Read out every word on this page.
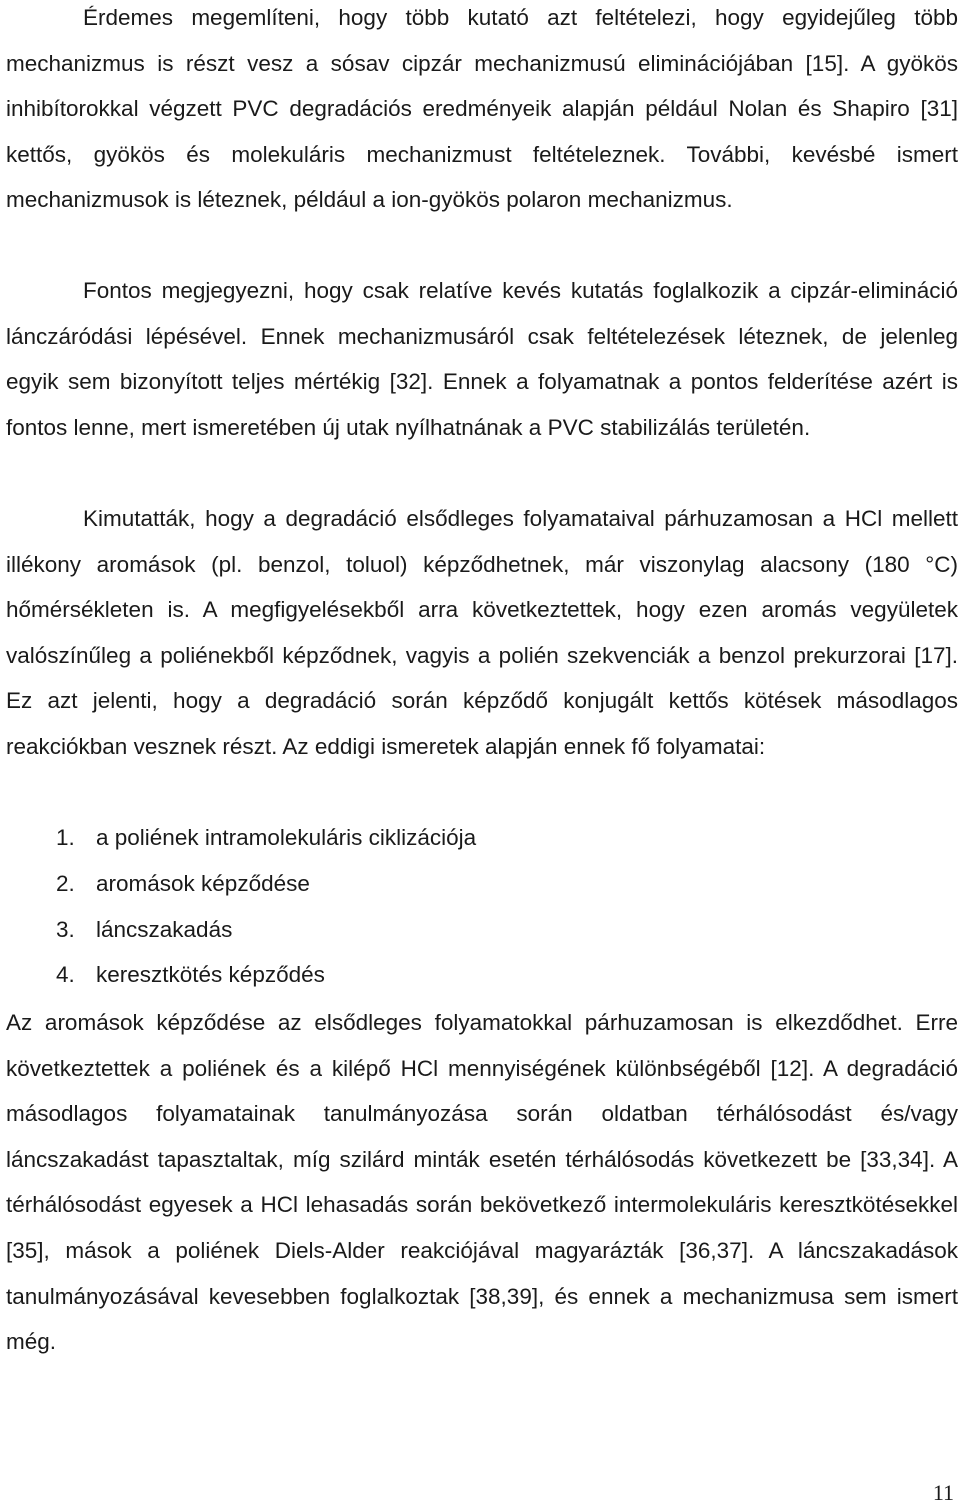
Érdemes megemlíteni, hogy több kutató azt feltételezi, hogy egyidejűleg több mechanizmus is részt vesz a sósav cipzár mechanizmusú eliminációjában [15]. A gyökös inhibítorokkal végzett PVC degradációs eredményeik alapján például Nolan és Shapiro [31] kettős, gyökös és molekuláris mechanizmust feltételeznek. További, kevésbé ismert mechanizmusok is léteznek, például a ion-gyökös polaron mechanizmus.

Fontos megjegyezni, hogy csak relatíve kevés kutatás foglalkozik a cipzár-elimináció lánczáródási lépésével. Ennek mechanizmusáról csak feltételezések léteznek, de jelenleg egyik sem bizonyított teljes mértékig [32]. Ennek a folyamatnak a pontos felderítése azért is fontos lenne, mert ismeretében új utak nyílhatnának a PVC stabilizálás területén.

Kimutatták, hogy a degradáció elsődleges folyamataival párhuzamosan a HCl mellett illékony aromások (pl. benzol, toluol) képződhetnek, már viszonylag alacsony (180 °C) hőmérsékleten is. A megfigyelésekből arra következtettek, hogy ezen aromás vegyületek valószínűleg a poliénekből képződnek, vagyis a polién szekvenciák a benzol prekurzorai [17]. Ez azt jelenti, hogy a degradáció során képződő konjugált kettős kötések másodlagos reakciókban vesznek részt. Az eddigi ismeretek alapján ennek fő folyamatai:

1. a poliének intramolekuláris ciklizációja
2. aromások képződése
3. láncszakadás
4. keresztkötés képződés

Az aromások képződése az elsődleges folyamatokkal párhuzamosan is elkezdődhet. Erre következtettek a poliének és a kilépő HCl mennyiségének különbségéből [12]. A degradáció másodlagos folyamatainak tanulmányozása során oldatban térhálósodást és/vagy láncszakadást tapasztaltak, míg szilárd minták esetén térhálósodás következett be [33,34]. A térhálósodást egyesek a HCl lehasadás során bekövetkező intermolekuláris keresztkötésekkel [35], mások a poliének Diels-Alder reakciójával magyarázták [36,37]. A láncszakadások tanulmányozásával kevesebben foglalkoztak [38,39], és ennek a mechanizmusa sem ismert még.

11
